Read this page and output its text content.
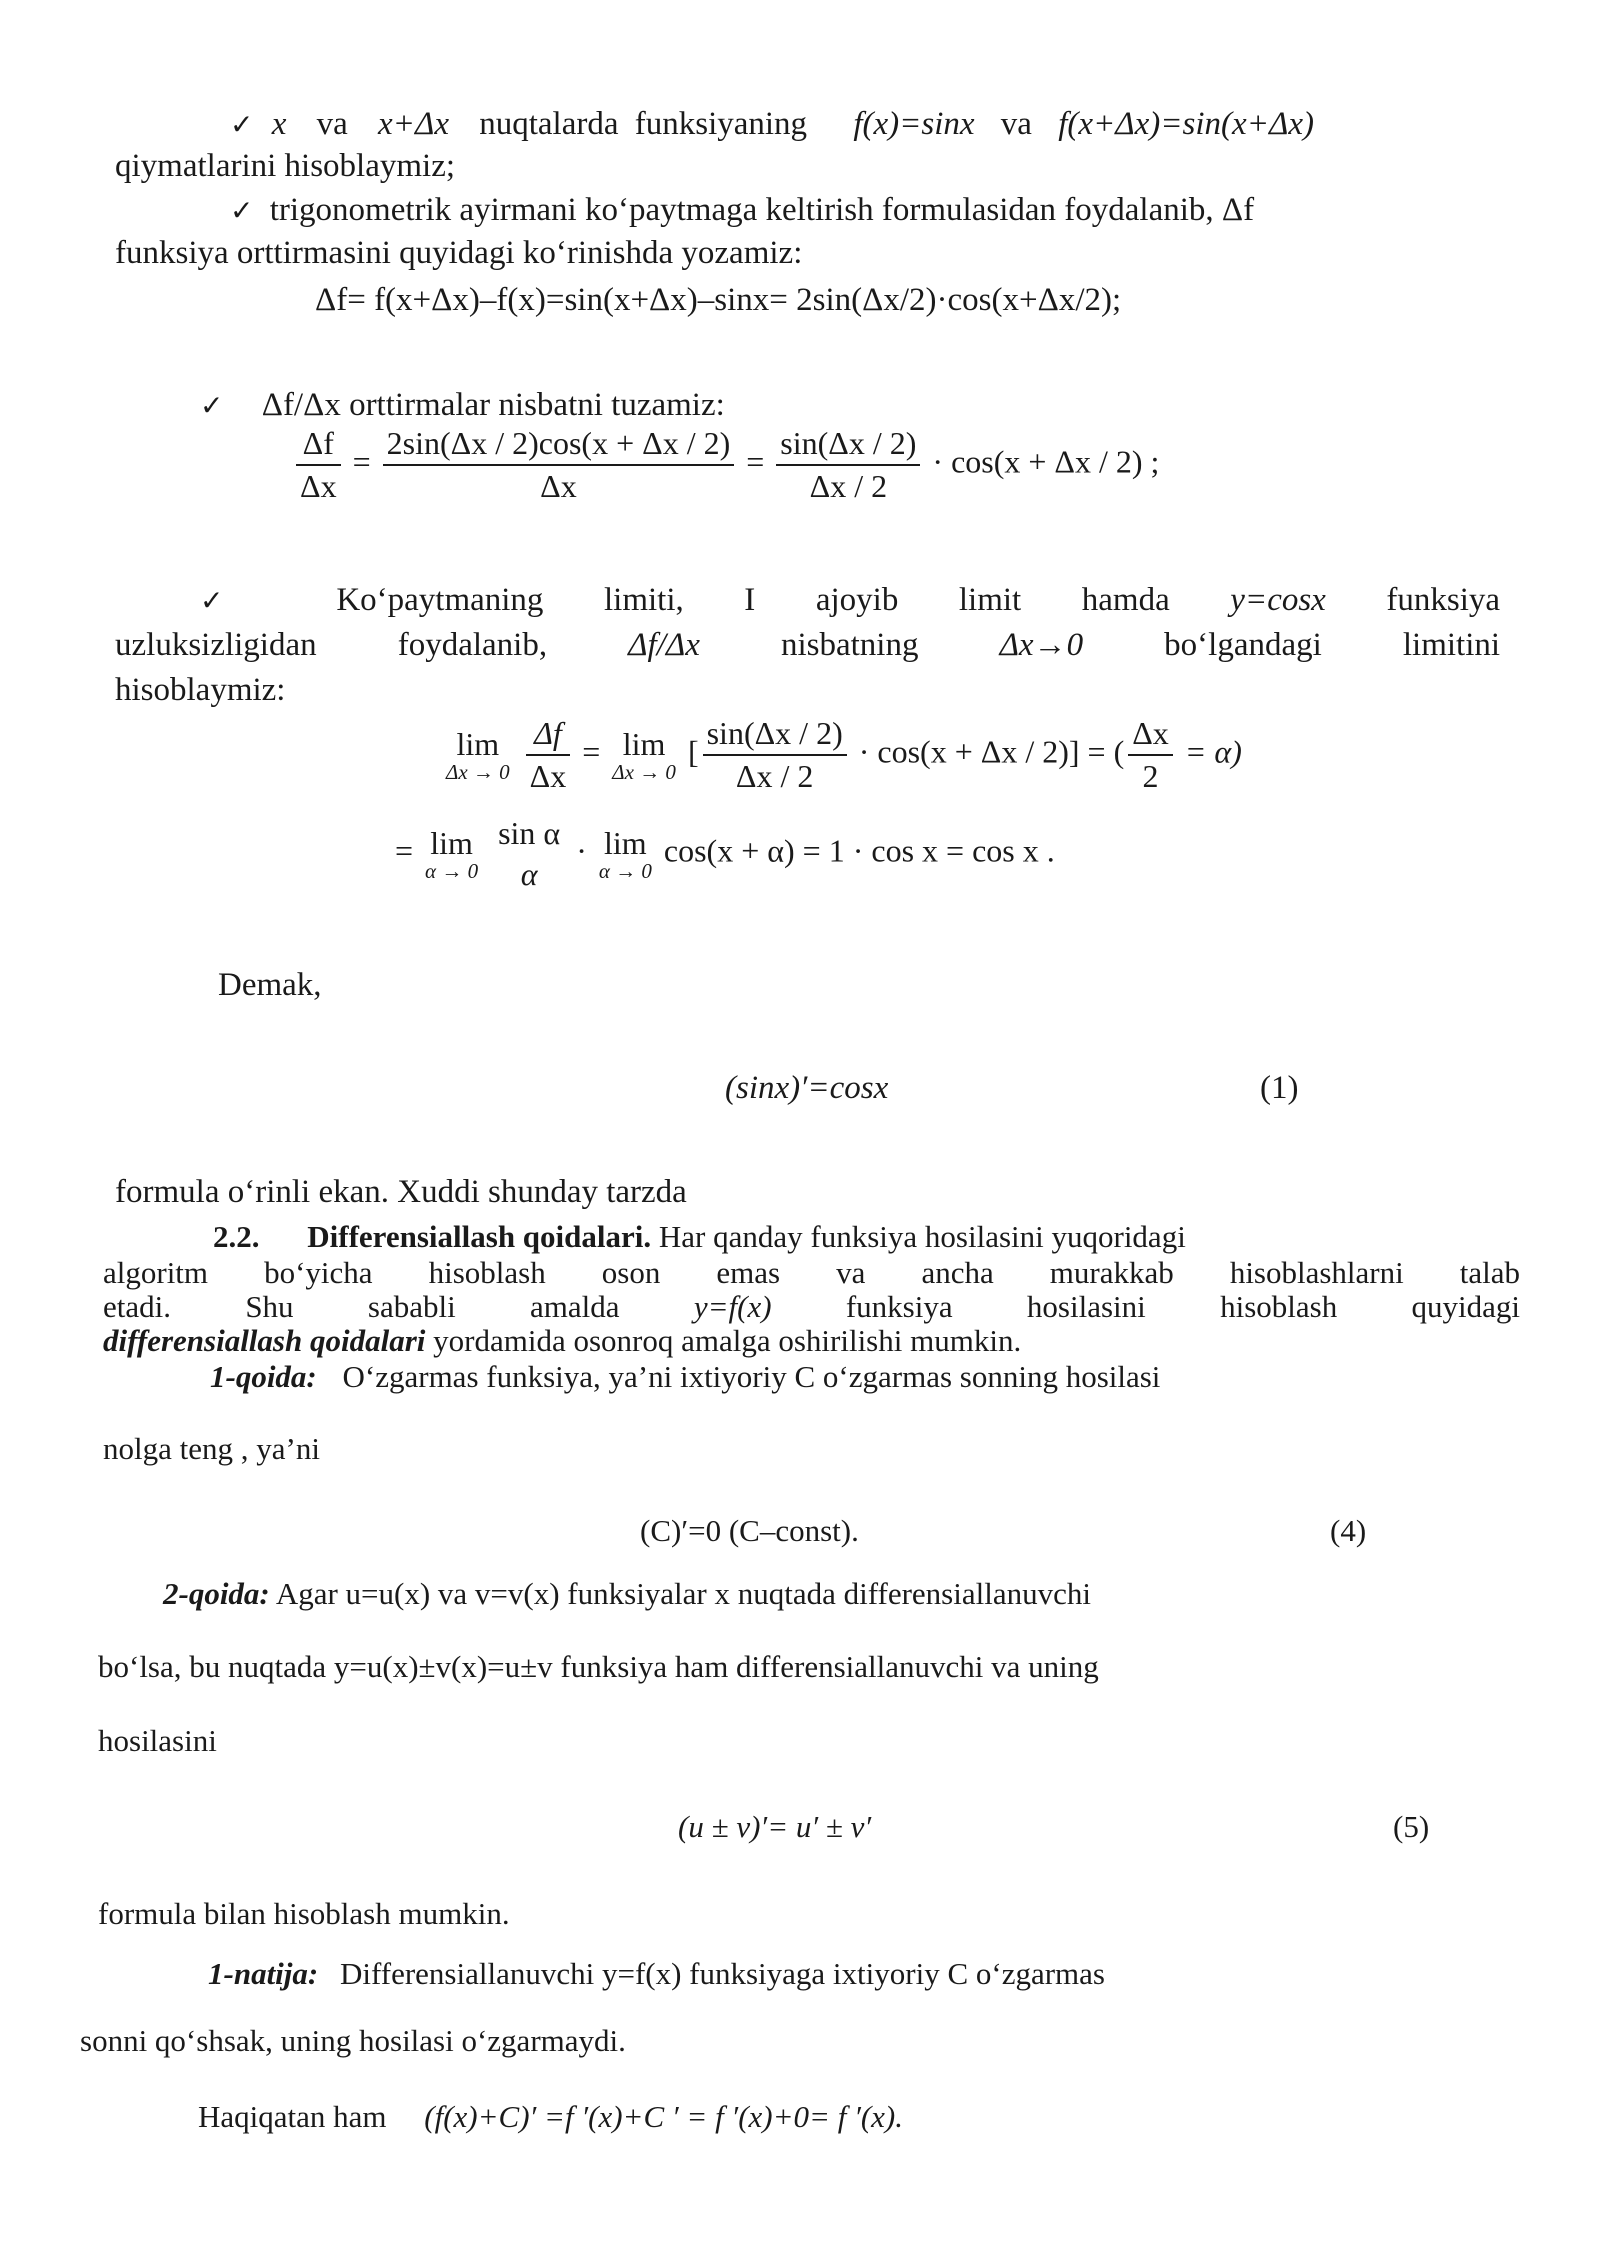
✓ x va x+Δx nuqtalarda funksiyaning f(x)=sinx va f(x+Δx)=sin(x+Δx)
qiymatlarini hisoblaymiz;
✓ trigonometrik ayirmani ko‘paytmaga keltirish formulasidan foydalanib, Δf
funksiya orttirmasini quyidagi ko‘rinishda yozamiz:
Δf= f(x+Δx)–f(x)=sin(x+Δx)–sinx= 2sin(Δx/2)·cos(x+Δx/2);
✓ Δf/Δx orttirmalar nisbatni tuzamiz:
$\frac{\Delta f}{\Delta x} = \frac{2\sin(\Delta x / 2)\cos(x + \Delta x / 2)}{\Delta x} = \frac{\sin(\Delta x / 2)}{\Delta x / 2} \cdot \cos(x + \Delta x / 2)$ ;
✓ Ko‘paytmaning limiti, I ajoyib limit hamda y=cosx funksiya
uzluksizligidan foydalanib, Δf/Δx nisbatning Δx→0 bo‘lgandagi limitini
hisoblaymiz:
lim
Δx → 0
$\frac{\Delta f}{\Delta x} = \lim$
Δx → 0
[ $\frac{\sin(\Delta x / 2)}{\Delta x / 2} \cdot \cos(x + \Delta x / 2)$] = ( $\frac{\Delta x}{2} = \alpha$)
= lim
α → 0

sin α
α
· lim
α → 0
cos(x + α) = 1 · cos x = cos x .
Demak,
(sinx)′=cosx	(1)
formula o‘rinli ekan. Xuddi shunday tarzda
2.2. Differensiallash qoidalari. Har qanday funksiya hosilasini yuqoridagi
algoritm bo‘yicha hisoblash oson emas va ancha murakkab hisoblashlarni talab
etadi. Shu sababli amalda y=f(x) funksiya hosilasini hisoblash quyidagi
differensiallash qoidalari yordamida osonroq amalga oshirilishi mumkin.
1-qoida: O‘zgarmas funksiya, ya’ni ixtiyoriy C o‘zgarmas sonning hosilasi
nolga teng , ya’ni
(C)′=0 (C–const).	(4)
2-qoida: Agar u=u(x) va v=v(x) funksiyalar x nuqtada differensiallanuvchi
bo‘lsa, bu nuqtada y=u(x)±v(x)=u±v funksiya ham differensiallanuvchi va uning
hosilasini
(u ± v)′= u′ ± v′	(5)
formula bilan hisoblash mumkin.
1-natija: Differensiallanuvchi y=f(x) funksiyaga ixtiyoriy C o‘zgarmas
sonni qo‘shsak, uning hosilasi o‘zgarmaydi.
Haqiqatan ham (f(x)+C)′ =f ′(x)+C ′ = f ′(x)+0= f ′(x).
